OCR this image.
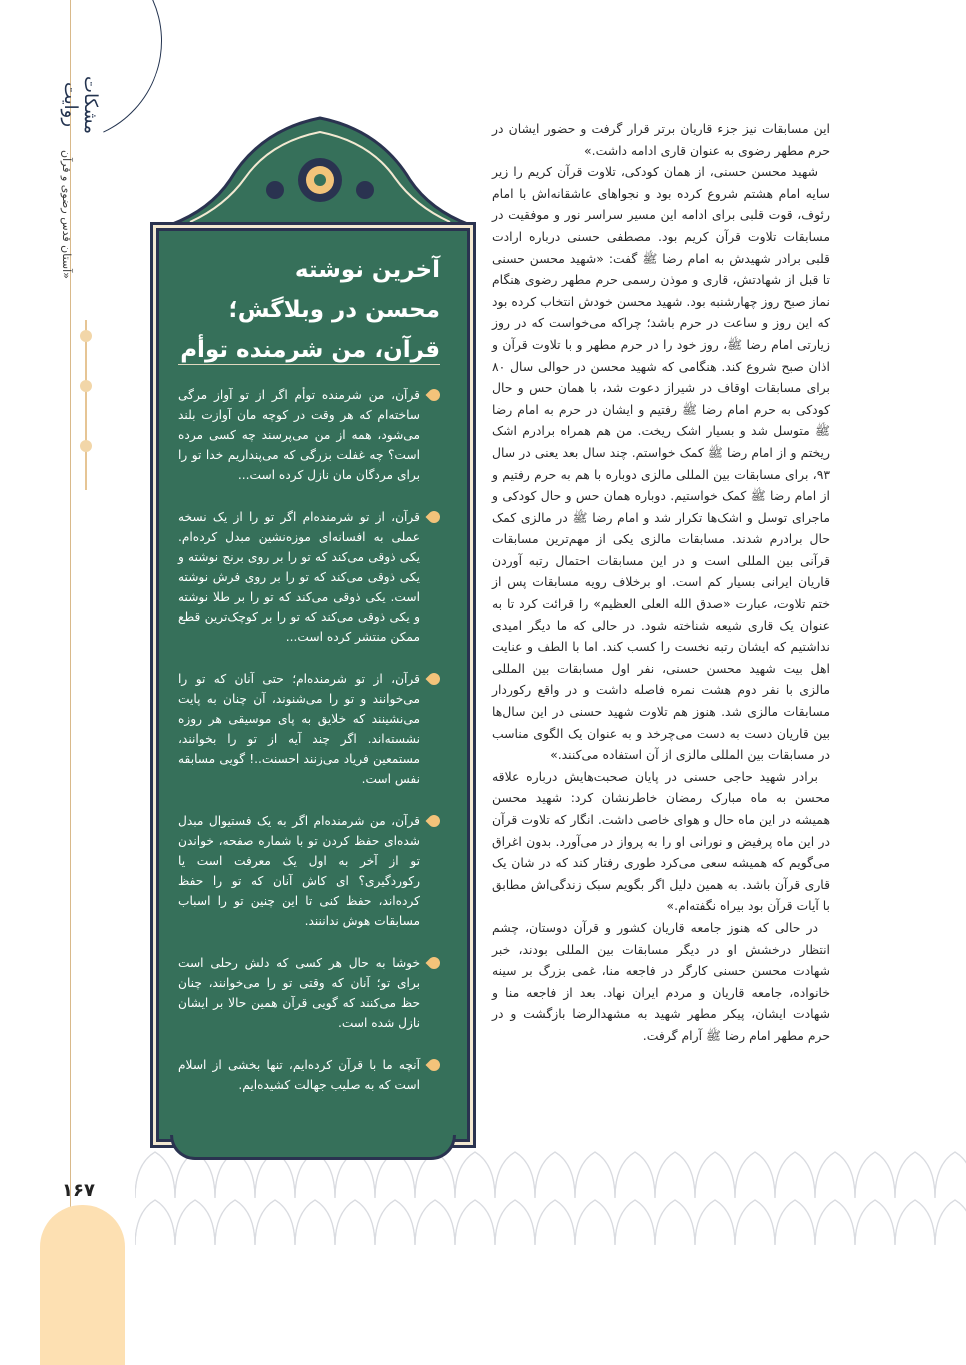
مشکات روايت
آستان قدس رضوی و قرآن»
۱۶۷
آخرین نوشته
محسن در وبلاگش؛
قرآن، من شرمنده توأم
قرآن، من شرمنده توأم اگر از تو آواز مرگی ساخته‌ام که هر وقت در کوچه مان آوازت بلند می‌شود، همه از من می‌پرسند چه کسی مرده است؟ چه غفلت بزرگی که می‌پنداریم خدا تو را برای مردگان مان نازل کرده است...
قرآن، از تو شرمنده‌ام اگر تو را از یک نسخه عملی به افسانه‌ای موزه‌نشین مبدل کرده‌ام. یکی ذوقی می‌کند که تو را بر روی برنج نوشته و یکی ذوقی می‌کند که تو را بر روی فرش نوشته است. یکی ذوقی می‌کند که تو را بر طلا نوشته و یکی ذوقی می‌کند که تو را بر کوچک‌ترین قطع ممکن منتشر کرده است...
قرآن، از تو شرمنده‌ام؛ حتی آنان که تو را می‌خوانند و تو را می‌شنوند، آن چنان به پایت می‌نشینند که خلایق به پای موسیقی هر روزه نشسته‌اند. اگر چند آیه از تو را بخوانند، مستمعین فریاد می‌زنند احسنت..! گویی مسابقه نفس است.
قرآن، من شرمنده‌ام اگر به یک فستیوال مبدل شده‌ای حفظ کردن تو با شماره صفحه، خواندن تو از آخر به اول یک معرفت است یا رکوردگیری؟ ای کاش آنان که تو را حفظ کرده‌اند، حفظ کنی تا این چنین تو را اسباب مسابقات هوش نداننند.
خوشا به حال هر کسی که دلش رحلی است برای تو؛ آنان که وقتی تو را می‌خوانند، چنان حظ می‌کنند که گویی قرآن همین حالا بر ایشان نازل شده است.
آنچه ما با قرآن کرده‌ایم، تنها بخشی از اسلام است که به صلیب جهالت کشیده‌ایم.

این مسابقات نیز جزء قاریان برتر قرار گرفت و حضور ایشان در حرم مطهر رضوی به عنوان قاری ادامه داشت.»

شهید محسن حسنی، از همان کودکی، تلاوت قرآن کریم را زیر سایه امام هشتم شروع کرده بود و نجواهای عاشقانه‌اش با امام رئوف، قوت قلبی برای ادامه این مسیر سراسر نور و موفقیت در مسابقات تلاوت قرآن کریم بود. مصطفی حسنی درباره ارادت قلبی برادر شهیدش به امام رضا ﷺ گفت: «شهید محسن حسنی تا قبل از شهادتش، قاری و موذن رسمی حرم مطهر رضوی هنگام نماز صبح روز چهارشنبه بود. شهید محسن خودش انتخاب کرده بود که این روز و ساعت در حرم باشد؛ چراکه می‌خواست که در روز زیارتی امام رضا ﷺ، روز خود را در حرم مطهر و با تلاوت قرآن و اذان صبح شروع کند. هنگامی که شهید محسن در حوالی سال ۸۰ برای مسابقات اوقاف در شیراز دعوت شد، با همان حس و حال کودکی به حرم امام رضا ﷺ رفتیم و ایشان در حرم به امام رضا ﷺ متوسل شد و بسیار اشک ریخت. من هم همراه برادرم اشک ریختم و از امام رضا ﷺ کمک خواستم. چند سال بعد یعنی در سال ۹۳، برای مسابقات بین المللی مالزی دوباره با هم به حرم رفتیم و از امام رضا ﷺ کمک خواستیم. دوباره همان حس و حال کودکی و ماجرای توسل و اشک‌ها تکرار شد و امام رضا ﷺ در مالزی کمک حال برادرم شدند. مسابقات مالزی یکی از مهم‌ترین مسابقات قرآنی بین المللی است و در این مسابقات احتمال رتبه آوردن قاریان ایرانی بسیار کم است. او برخلاف رویه مسابقات پس از ختم تلاوت، عبارت «صدق الله العلی العظیم» را قرائت کرد تا به عنوان یک قاری شیعه شناخته شود. در حالی که ما دیگر امیدی نداشتیم که ایشان رتبه نخست را کسب کند. اما با الطف و عنایت اهل بیت شهید محسن حسنی، نفر اول مسابقات بین المللی مالزی با نفر دوم هشت نمره فاصله داشت و در واقع رکوردار مسابقات مالزی شد. هنوز هم تلاوت شهید حسنی در این سال‌ها بین قاریان دست به دست می‌چرخد و به عنوان یک الگوی مناسب در مسابقات بین المللی مالزی از آن استفاده می‌کنند.»

برادر شهید حاجی حسنی در پایان صحبت‌هایش درباره علاقه محسن به ماه مبارک رمضان خاطرنشان کرد: شهید محسن همیشه در این ماه حال و هوای خاصی داشت. انگار که تلاوت قرآن در این ماه پرفیض و نورانی او را به پرواز در می‌آورد. بدون اغراق می‌گویم که همیشه سعی می‌کرد طوری رفتار کند که در شان یک قاری قرآن باشد. به همین دلیل اگر بگویم سبک زندگی‌اش مطابق با آیات قرآن بود بیراه نگفته‌ام.»

در حالی که هنوز جامعه قاریان کشور و قرآن دوستان، چشم انتظار درخشش او در دیگر مسابقات بین المللی بودند، خبر شهادت محسن حسنی کارگر در فاجعه منا، غمی بزرگ بر سینه خانواده، جامعه قاریان و مردم ایران نهاد. بعد از فاجعه منا و شهادت ایشان، پیکر مطهر شهید به مشهدالرضا بازگشت و در حرم مطهر امام رضا ﷺ آرام گرفت.
